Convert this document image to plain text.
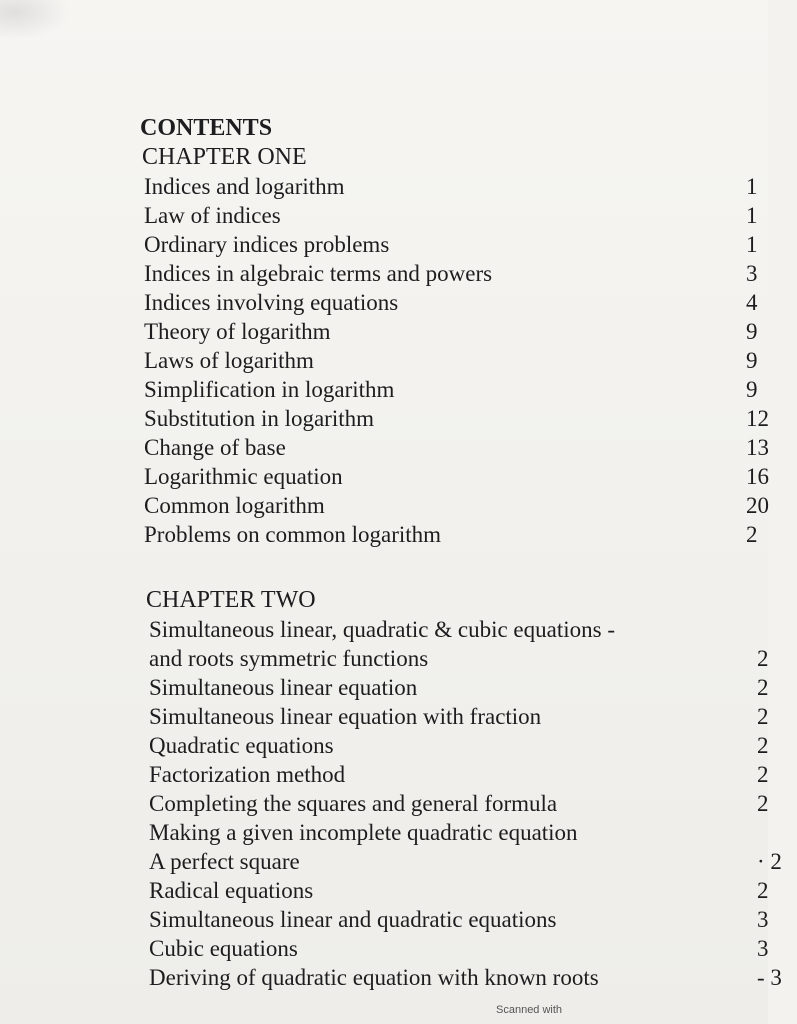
CONTENTS
CHAPTER ONE
Indices and logarithm	1
Law of indices	1
Ordinary indices problems	1
Indices in algebraic terms and powers	3
Indices involving equations	4
Theory of logarithm	9
Laws of logarithm	9
Simplification in logarithm	9
Substitution in logarithm	12
Change of base	13
Logarithmic equation	16
Common logarithm	20
Problems on common logarithm	2
CHAPTER TWO
Simultaneous linear, quadratic & cubic equations -
and roots symmetric functions	2
Simultaneous linear equation	2
Simultaneous linear equation with fraction	2
Quadratic equations	2
Factorization method	2
Completing the squares and general formula	2
Making a given incomplete quadratic equation
A perfect square	· 2
Radical equations	2
Simultaneous linear and quadratic equations	3
Cubic equations	3
Deriving of quadratic equation with known roots	- 3
Scanned with
